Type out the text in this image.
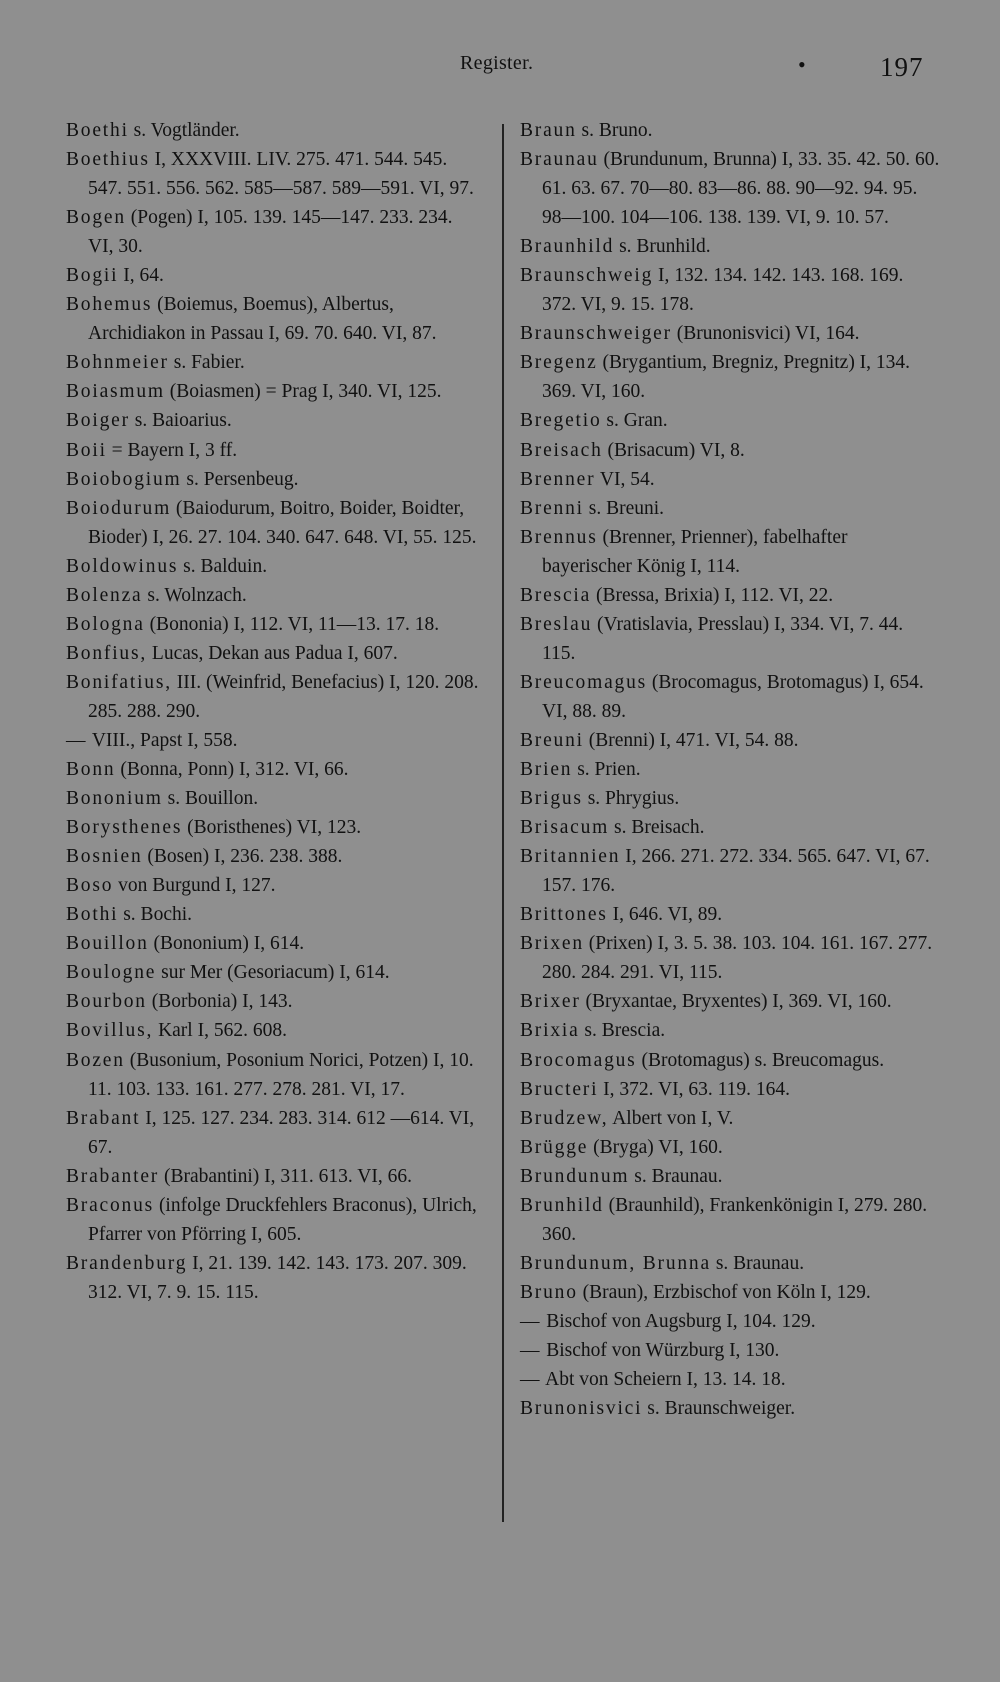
Register.	•	197
Boethi s. Vogtländer.
Boethius I, XXXVIII. LIV. 275. 471. 544. 545. 547. 551. 556. 562. 585—587. 589—591. VI, 97.
Bogen (Pogen) I, 105. 139. 145—147. 233. 234. VI, 30.
Bogii I, 64.
Bohemus (Boiemus, Boemus), Albertus, Archidiakon in Passau I, 69. 70. 640. VI, 87.
Bohnmeier s. Fabier.
Boiasmum (Boiasmen) = Prag I, 340. VI, 125.
Boiger s. Baioarius.
Boii = Bayern I, 3 ff.
Boiobogium s. Persenbeug.
Boiodurum (Baiodurum, Boitro, Boider, Boidter, Bioder) I, 26. 27. 104. 340. 647. 648. VI, 55. 125.
Boldowinus s. Balduin.
Bolenza s. Wolnzach.
Bologna (Bononia) I, 112. VI, 11—13. 17. 18.
Bonfius, Lucas, Dekan aus Padua I, 607.
Bonifatius, III. (Weinfrid, Benefacius) I, 120. 208. 285. 288. 290.
— VIII., Papst I, 558.
Bonn (Bonna, Ponn) I, 312. VI, 66.
Bononium s. Bouillon.
Borysthenes (Boristhenes) VI, 123.
Bosnien (Bosen) I, 236. 238. 388.
Boso von Burgund I, 127.
Bothi s. Bochi.
Bouillon (Bononium) I, 614.
Boulogne sur Mer (Gesoriacum) I, 614.
Bourbon (Borbonia) I, 143.
Bovillus, Karl I, 562. 608.
Bozen (Busonium, Posonium Norici, Potzen) I, 10. 11. 103. 133. 161. 277. 278. 281. VI, 17.
Brabant I, 125. 127. 234. 283. 314. 612 —614. VI, 67.
Brabanter (Brabantini) I, 311. 613. VI, 66.
Braconus (infolge Druckfehlers Braconus), Ulrich, Pfarrer von Pförring I, 605.
Brandenburg I, 21. 139. 142. 143. 173. 207. 309. 312. VI, 7. 9. 15. 115.
Braun s. Bruno.
Braunau (Brundunum, Brunna) I, 33. 35. 42. 50. 60. 61. 63. 67. 70—80. 83—86. 88. 90—92. 94. 95. 98—100. 104—106. 138. 139. VI, 9. 10. 57.
Braunhild s. Brunhild.
Braunschweig I, 132. 134. 142. 143. 168. 169. 372. VI, 9. 15. 178.
Braunschweiger (Brunonisvici) VI, 164.
Bregenz (Brygantium, Bregniz, Pregnitz) I, 134. 369. VI, 160.
Bregetio s. Gran.
Breisach (Brisacum) VI, 8.
Brenner VI, 54.
Brenni s. Breuni.
Brennus (Brenner, Prienner), fabelhafter bayerischer König I, 114.
Brescia (Bressa, Brixia) I, 112. VI, 22.
Breslau (Vratislavia, Presslau) I, 334. VI, 7. 44. 115.
Breucomagus (Brocomagus, Brotomagus) I, 654. VI, 88. 89.
Breuni (Brenni) I, 471. VI, 54. 88.
Brien s. Prien.
Brigus s. Phrygius.
Brisacum s. Breisach.
Britannien I, 266. 271. 272. 334. 565. 647. VI, 67. 157. 176.
Brittones I, 646. VI, 89.
Brixen (Prixen) I, 3. 5. 38. 103. 104. 161. 167. 277. 280. 284. 291. VI, 115.
Brixer (Bryxantae, Bryxentes) I, 369. VI, 160.
Brixia s. Brescia.
Brocomagus (Brotomagus) s. Breucomagus.
Bructeri I, 372. VI, 63. 119. 164.
Brudzew, Albert von I, V.
Brügge (Bryga) VI, 160.
Brundunum s. Braunau.
Brunhild (Braunhild), Frankenkönigin I, 279. 280. 360.
Brundunum, Brunna s. Braunau.
Bruno (Braun), Erzbischof von Köln I, 129.
— Bischof von Augsburg I, 104. 129.
— Bischof von Würzburg I, 130.
— Abt von Scheiern I, 13. 14. 18.
Brunonisvici s. Braunschweiger.
